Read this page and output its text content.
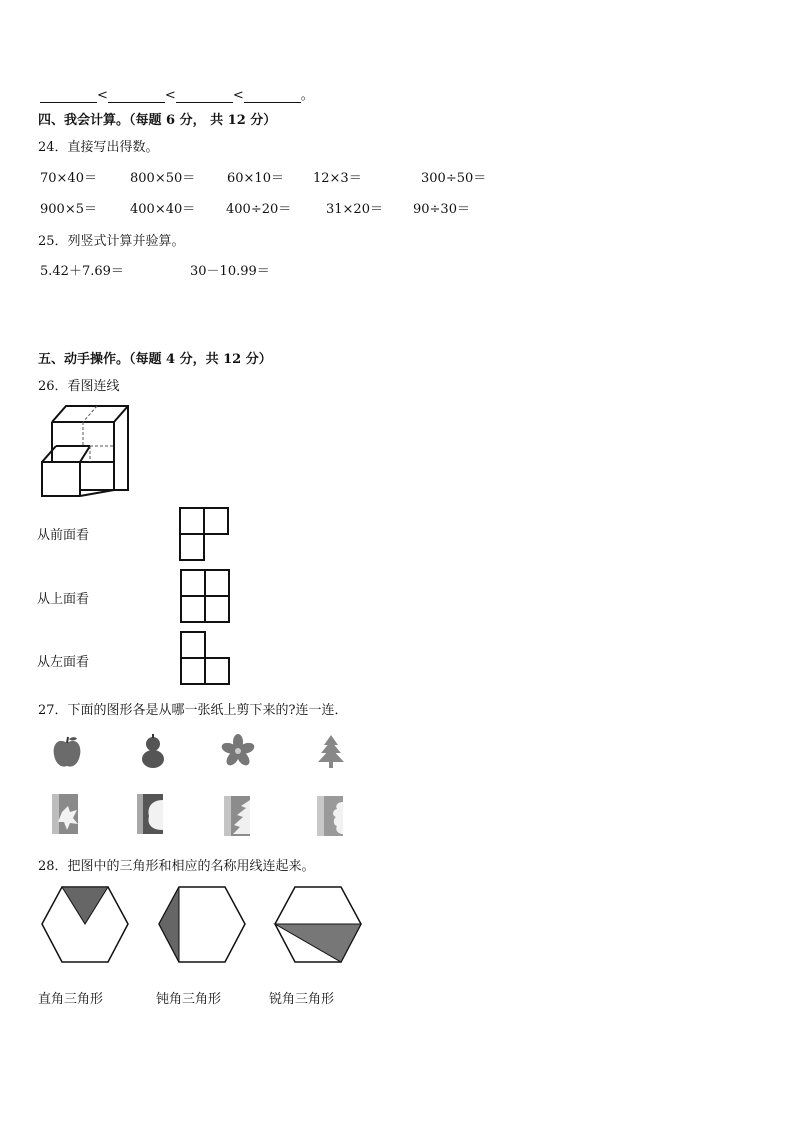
<	<	<	。
四、我会计算。（每题 6 分， 共 12 分）
24．直接写出得数。
70×40＝	800×50＝ 60×10＝ 12×3＝	300÷50＝
900×5＝	400×40＝ 400÷20＝	31×20＝ 90÷30＝
25．列竖式计算并验算。
5.42＋7.69＝	30－10.99＝
五、动手操作。（每题 4 分，共 12 分）
26．看图连线
从前面看
从上面看
从左面看
27．下面的图形各是从哪一张纸上剪下来的?连一连．
28．把图中的三角形和相应的名称用线连起来。
直角三角形	钝角三角形	锐角三角形
